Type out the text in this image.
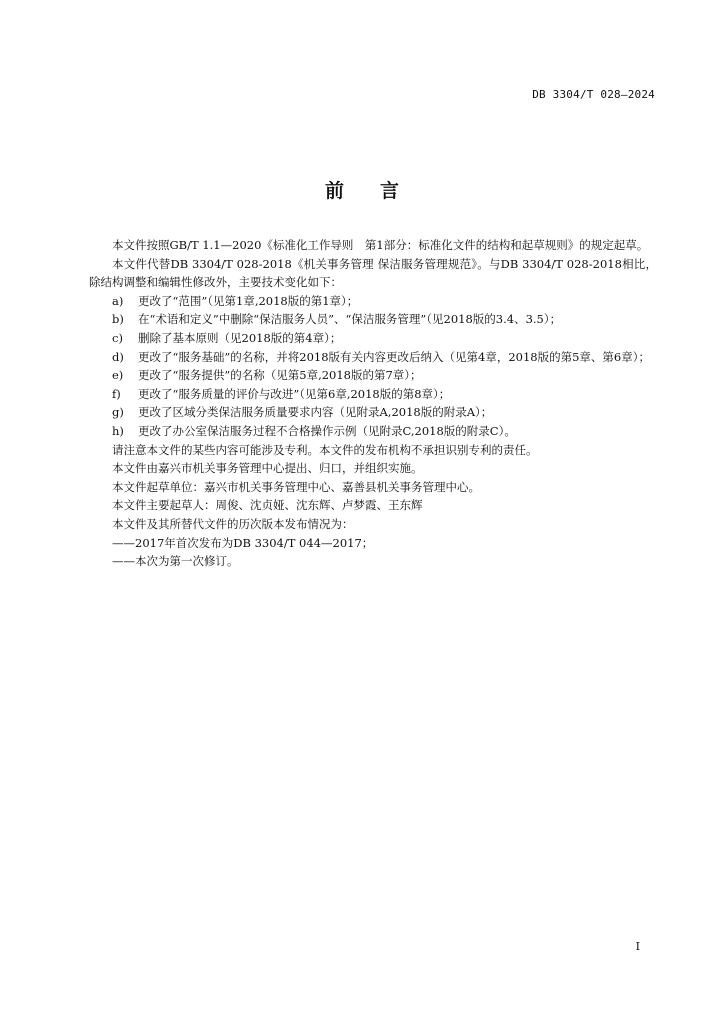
DB 3304/T 028—2024
前言

本文件按照GB/T 1.1—2020《标准化工作导则　第1部分：标准化文件的结构和起草规则》的规定起草。

本文件代替DB 3304/T 028-2018《机关事务管理 保洁服务管理规范》。与DB 3304/T 028-2018相比，除结构调整和编辑性修改外，主要技术变化如下：

a)	更改了“范围”（见第1章,2018版的第1章）；
b)	在“术语和定义”中删除“保洁服务人员”、“保洁服务管理”（见2018版的3.4、3.5）；
c)	删除了基本原则（见2018版的第4章）；
d)	更改了“服务基础”的名称，并将2018版有关内容更改后纳入（见第4章，2018版的第5章、第6章）；
e)	更改了“服务提供”的名称（见第5章,2018版的第7章）；
f)	更改了“服务质量的评价与改进”（见第6章,2018版的第8章）；
g)	更改了区域分类保洁服务质量要求内容（见附录A,2018版的附录A）；
h)	更改了办公室保洁服务过程不合格操作示例（见附录C,2018版的附录C）。

请注意本文件的某些内容可能涉及专利。本文件的发布机构不承担识别专利的责任。

本文件由嘉兴市机关事务管理中心提出、归口，并组织实施。

本文件起草单位：嘉兴市机关事务管理中心、嘉善县机关事务管理中心。

本文件主要起草人：周俊、沈贞娅、沈东辉、卢梦霞、王东辉

本文件及其所替代文件的历次版本发布情况为：

——2017年首次发布为DB 3304/T 044—2017；

——本次为第一次修订。

I
